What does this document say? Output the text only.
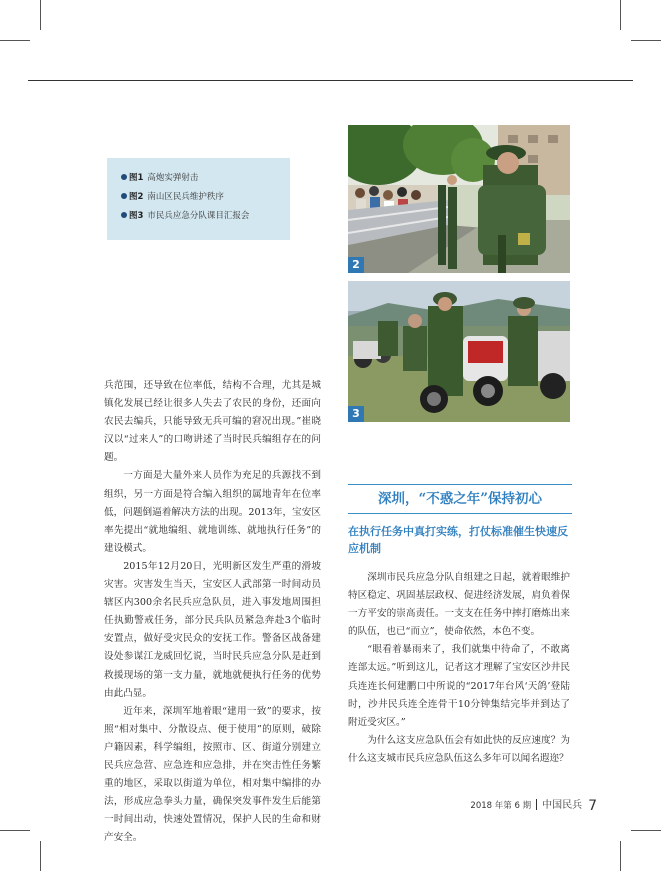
图1 高炮实弹射击
图2 南山区民兵维护秩序
图3 市民兵应急分队课目汇报会
2
3

兵范围，还导致在位率低，结构不合理，尤其是城镇化发展已经让很多人失去了农民的身份，还面向农民去编兵，只能导致无兵可编的窘况出现。”崔晓汉以“过来人”的口吻讲述了当时民兵编组存在的问题。

一方面是大量外来人员作为充足的兵源找不到组织，另一方面是符合编入组织的属地青年在位率低，问题倒逼着解决方法的出现。2013年，宝安区率先提出“就地编组、就地训练、就地执行任务”的建设模式。

2015年12月20日，光明新区发生严重的滑坡灾害。灾害发生当天，宝安区人武部第一时间动员辖区内300余名民兵应急队员，进入事发地周围担任执勤警戒任务，部分民兵队员紧急奔赴3个临时安置点，做好受灾民众的安抚工作。警备区战备建设处参谋江龙威回忆说，当时民兵应急分队是赶到救援现场的第一支力量，就地就便执行任务的优势由此凸显。

近年来，深圳军地着眼“建用一致”的要求，按照“相对集中、分散设点、便于使用”的原则，破除户籍因素，科学编组，按照市、区、街道分别建立民兵应急营、应急连和应急排，并在突击性任务繁重的地区，采取以街道为单位，相对集中编排的办法，形成应急拳头力量，确保突发事件发生后能第一时间出动，快速处置情况，保护人民的生命和财产安全。

深圳，“不惑之年”保持初心
在执行任务中真打实练，打仗标准催生快速反应机制

深圳市民兵应急分队自组建之日起，就着眼维护特区稳定、巩固基层政权、促进经济发展，肩负着保一方平安的崇高责任。一支支在任务中摔打磨炼出来的队伍，也已“而立”，使命依然，本色不变。

“眼看着暴雨来了，我们就集中待命了，不敢离连部太远。”听到这儿，记者这才理解了宝安区沙井民兵连连长何建鹏口中所说的“2017年台风‘天鸽’登陆时，沙井民兵连全连骨干10分钟集结完毕并到达了附近受灾区。”

为什么这支应急队伍会有如此快的反应速度？为什么这支城市民兵应急队伍这么多年可以闻名遐迩？

2018 年第 6 期 中国民兵 7
